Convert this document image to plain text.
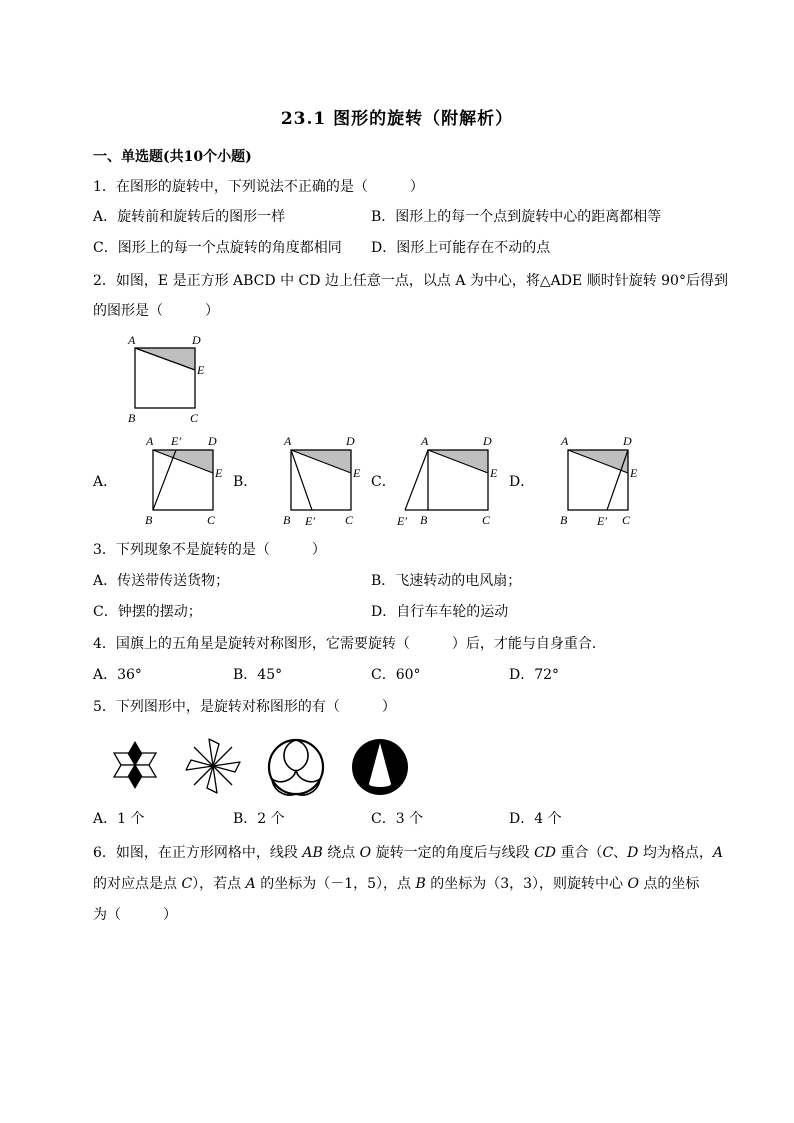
23.1 图形的旋转（附解析）
一、单选题(共10个小题)
1．在图形的旋转中，下列说法不正确的是（　　　）
A．旋转前和旋转后的图形一样	B．图形上的每一个点到旋转中心的距离都相等
C．图形上的每一个点旋转的角度都相同 D．图形上可能存在不动的点
2．如图，E 是正方形 ABCD 中 CD 边上任意一点，以点 A 为中心，将△ADE 顺时针旋转 90°后得到
的图形是（　　　）
A	D
E
B	C
A．
A E′ D
E
B	C
B．
A	D
E
B E′	C
C．
A	D
E
E′ B	C
D．
A	D
E
B E′ C
3．下列现象不是旋转的是（　　　）
A．传送带传送货物；	B．飞速转动的电风扇；
C．钟摆的摆动；	D．自行车车轮的运动
4．国旗上的五角星是旋转对称图形，它需要旋转（　　　）后，才能与自身重合．
A．36°	B．45°	C．60°	D．72°
5．下列图形中，是旋转对称图形的有（　　　）
A．1 个	B．2 个	C．3 个	D．4 个
6．如图，在正方形网格中，线段 AB 绕点 O 旋转一定的角度后与线段 CD 重合（C、D 均为格点，A
的对应点是点 C），若点 A 的坐标为（－1，5），点 B 的坐标为（3，3），则旋转中心 O 点的坐标
为（　　　）
